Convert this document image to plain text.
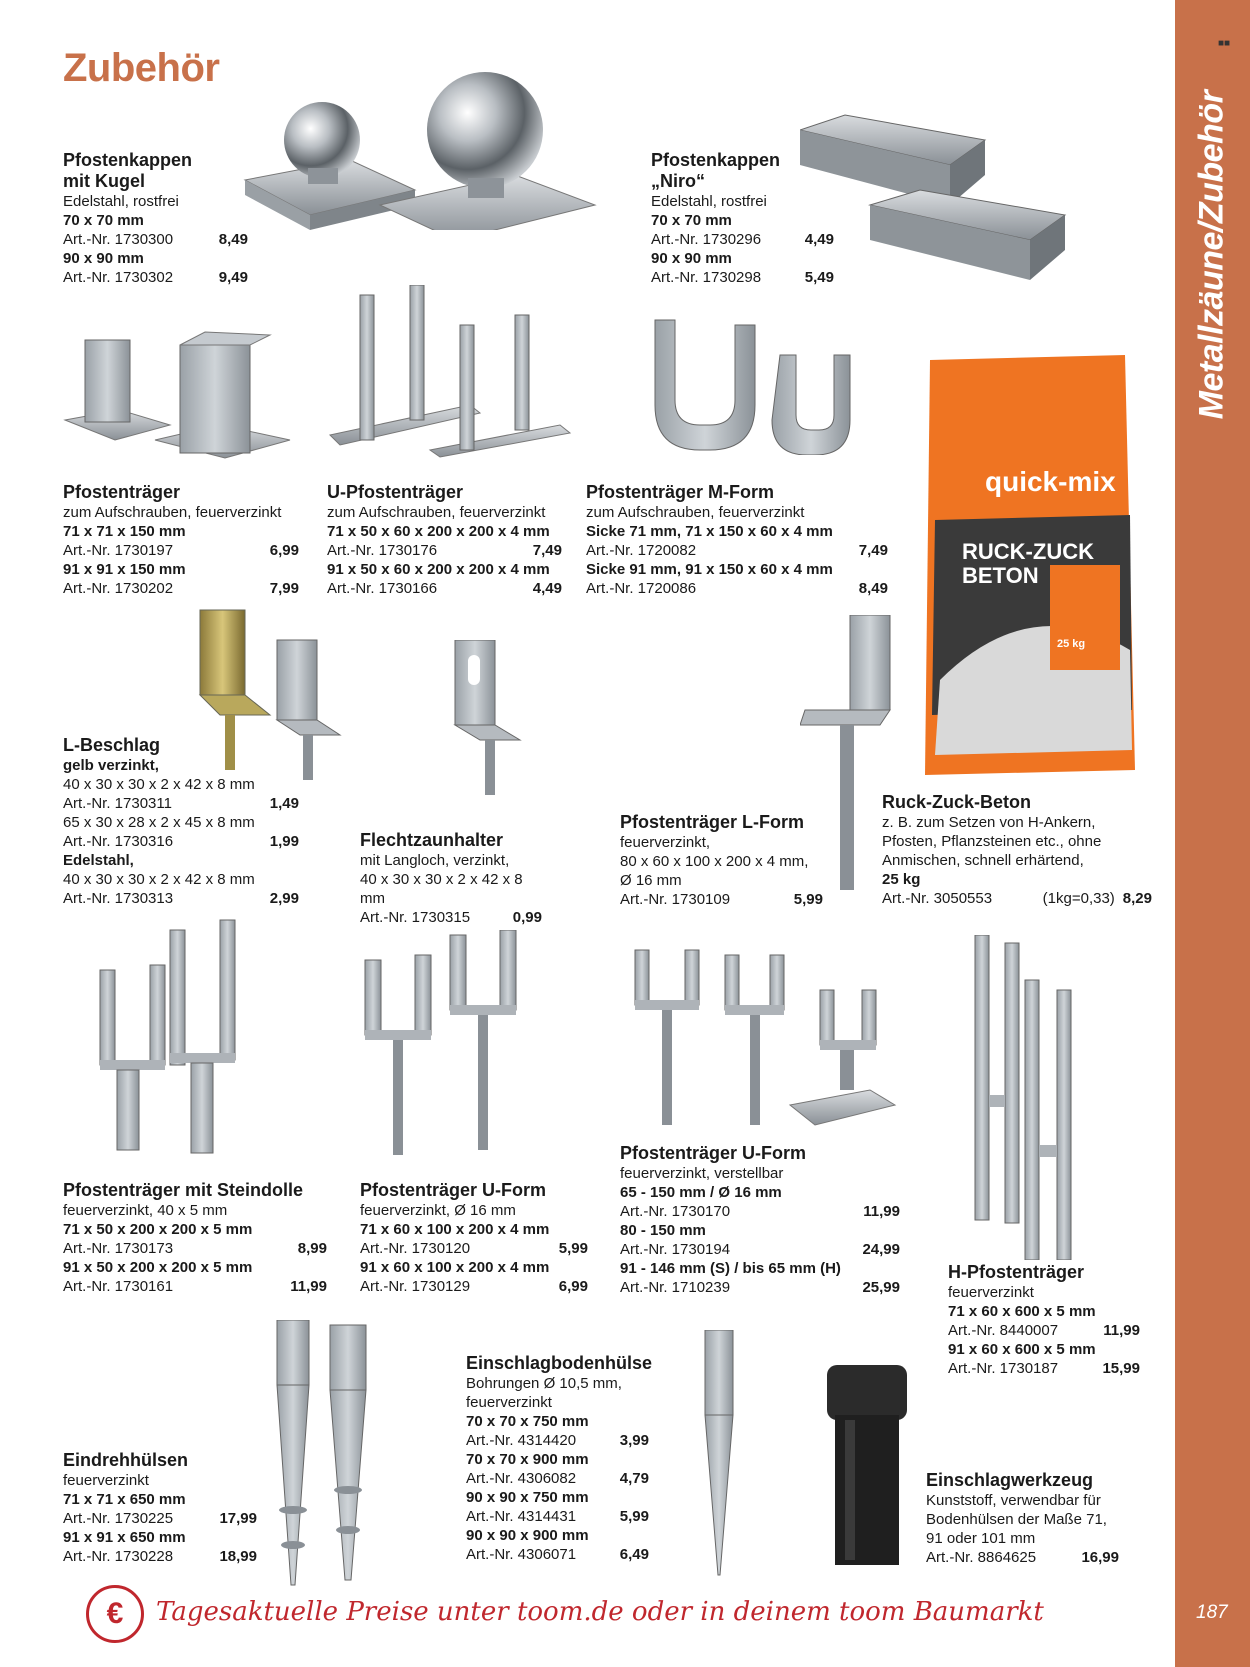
■■
Metallzäune/Zubehör
187
Zubehör
quick-mix
RUCK-ZUCK
BETON
25 kg
Pfostenkappen
mit Kugel
Edelstahl, rostfrei
70 x 70 mm
Art.-Nr. 1730300	8,49
90 x 90 mm
Art.-Nr. 1730302	9,49
Pfostenkappen
„Niro“
Edelstahl, rostfrei
70 x 70 mm
Art.-Nr. 1730296	4,49
90 x 90 mm
Art.-Nr. 1730298	5,49
Pfostenträger
zum Aufschrauben, feuerverzinkt
71 x 71 x 150 mm
Art.-Nr. 1730197	6,99
91 x 91 x 150 mm
Art.-Nr. 1730202	7,99
U-Pfostenträger
zum Aufschrauben, feuerverzinkt
71 x 50 x 60 x 200 x 200 x 4 mm
Art.-Nr. 1730176	7,49
91 x 50 x 60 x 200 x 200 x 4 mm
Art.-Nr. 1730166	4,49
Pfostenträger M-Form
zum Aufschrauben, feuerverzinkt
Sicke 71 mm, 71 x 150 x 60 x 4 mm
Art.-Nr. 1720082	7,49
Sicke 91 mm, 91 x 150 x 60 x 4 mm
Art.-Nr. 1720086	8,49
L-Beschlag
gelb verzinkt,
40 x 30 x 30 x 2 x 42 x 8 mm
Art.-Nr. 1730311	1,49
65 x 30 x 28 x 2 x 45 x 8 mm
Art.-Nr. 1730316	1,99
Edelstahl,
40 x 30 x 30 x 2 x 42 x 8 mm
Art.-Nr. 1730313	2,99
Flechtzaunhalter
mit Langloch, verzinkt,
40 x 30 x 30 x 2 x 42 x 8 mm
Art.-Nr. 1730315	0,99
Pfostenträger L-Form
feuerverzinkt,
80 x 60 x 100 x 200 x 4 mm,
Ø 16 mm
Art.-Nr. 1730109	5,99
Ruck-Zuck-Beton
z. B. zum Setzen von H-Ankern,
Pfosten, Pflanzsteinen etc., ohne
Anmischen, schnell erhärtend,
25 kg
Art.-Nr. 3050553	(1kg=0,33) 8,29
Pfostenträger mit Steindolle
feuerverzinkt, 40 x 5 mm
71 x 50 x 200 x 200 x 5 mm
Art.-Nr. 1730173	8,99
91 x 50 x 200 x 200 x 5 mm
Art.-Nr. 1730161	11,99
Pfostenträger U-Form
feuerverzinkt, Ø 16 mm
71 x 60 x 100 x 200 x 4 mm
Art.-Nr. 1730120	5,99
91 x 60 x 100 x 200 x 4 mm
Art.-Nr. 1730129	6,99
Pfostenträger U-Form
feuerverzinkt, verstellbar
65 - 150 mm / Ø 16 mm
Art.-Nr. 1730170	11,99
80 - 150 mm
Art.-Nr. 1730194	24,99
91 - 146 mm (S) / bis 65 mm (H)
Art.-Nr. 1710239	25,99
H-Pfostenträger
feuerverzinkt
71 x 60 x 600 x 5 mm
Art.-Nr. 8440007	11,99
91 x 60 x 600 x 5 mm
Art.-Nr. 1730187	15,99
Eindrehhülsen
feuerverzinkt
71 x 71 x 650 mm
Art.-Nr. 1730225	17,99
91 x 91 x 650 mm
Art.-Nr. 1730228	18,99
Einschlagbodenhülse
Bohrungen Ø 10,5 mm,
feuerverzinkt
70 x 70 x 750 mm
Art.-Nr. 4314420	3,99
70 x 70 x 900 mm
Art.-Nr. 4306082	4,79
90 x 90 x 750 mm
Art.-Nr. 4314431	5,99
90 x 90 x 900 mm
Art.-Nr. 4306071	6,49
Einschlagwerkzeug
Kunststoff, verwendbar für
Bodenhülsen der Maße 71,
91 oder 101 mm
Art.-Nr. 8864625	16,99
€	Tagesaktuelle Preise unter toom.de oder in deinem toom Baumarkt
